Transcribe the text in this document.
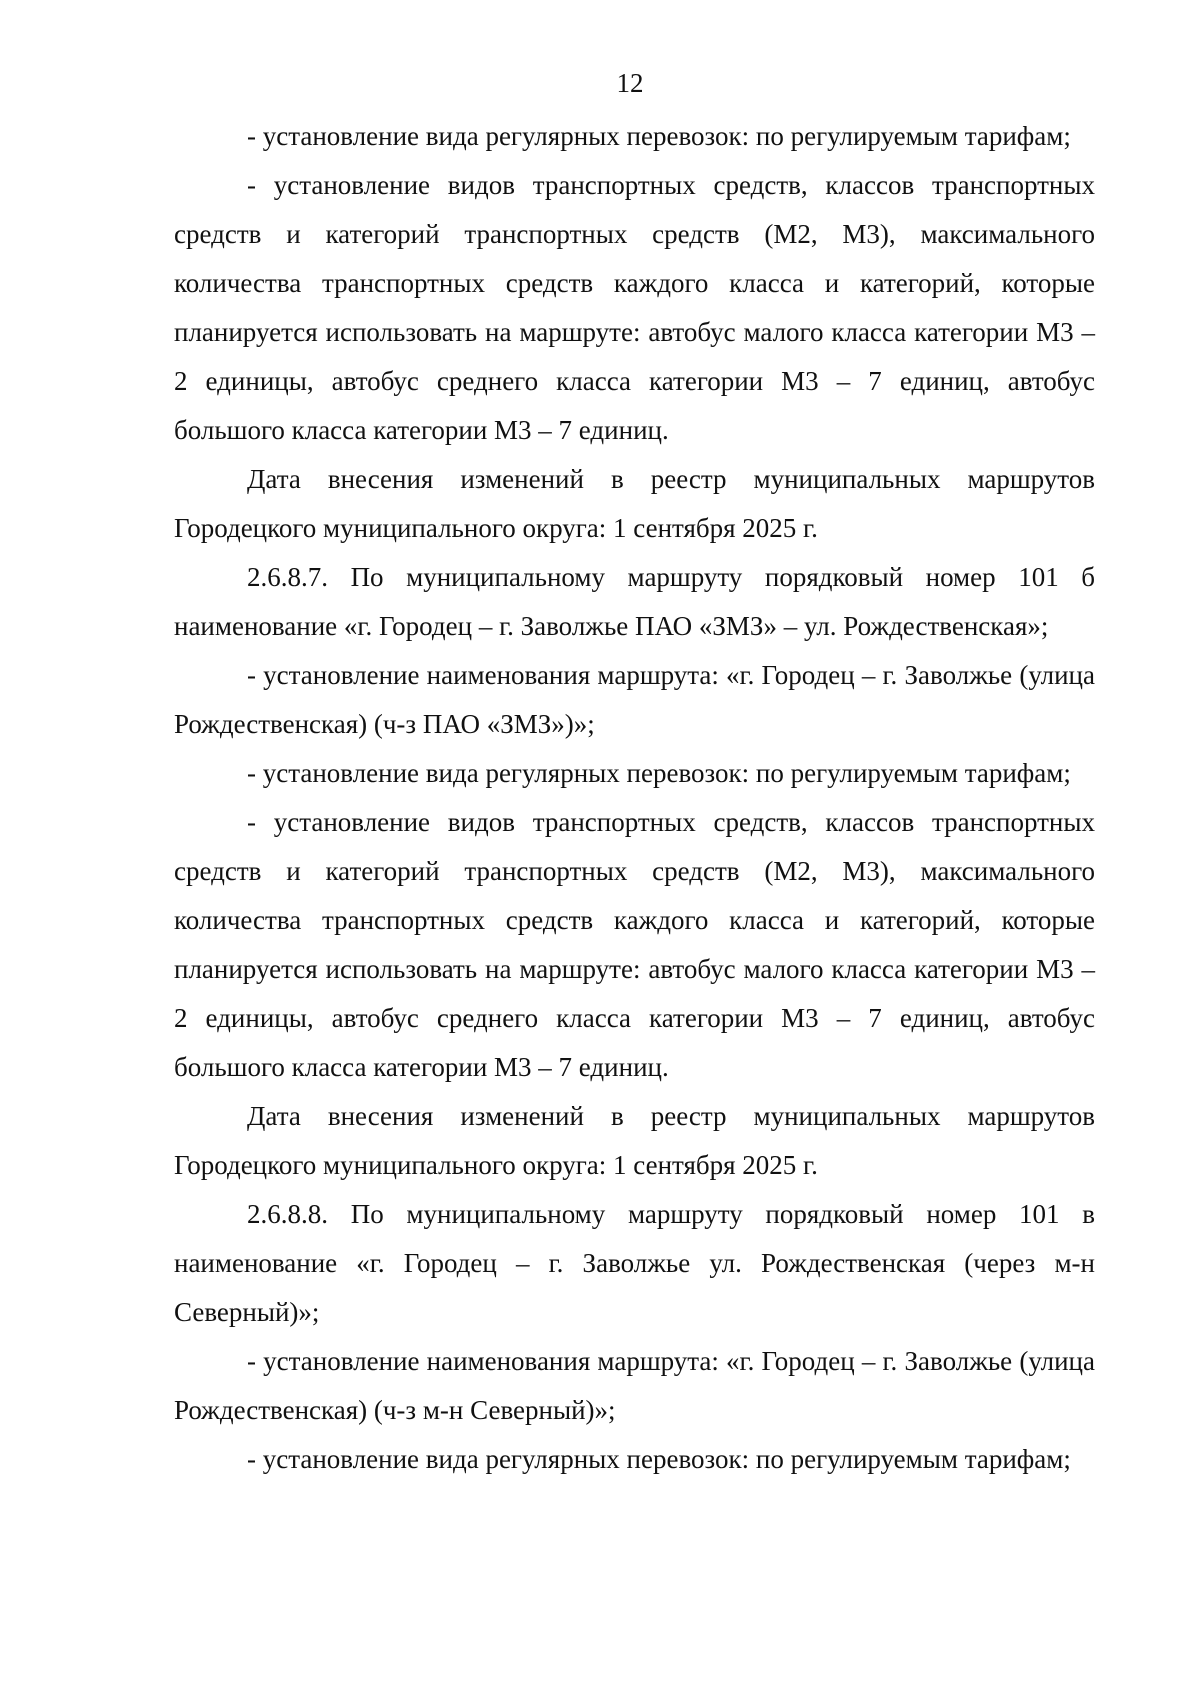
12

- установление вида регулярных перевозок: по регулируемым тарифам;

- установление видов транспортных средств, классов транспортных средств и категорий транспортных средств (М2, М3), максимального количества транспортных средств каждого класса и категорий, которые планируется использовать на маршруте: автобус малого класса категории М3 – 2 единицы, автобус среднего класса категории М3 – 7 единиц, автобус большого класса категории М3 – 7 единиц.

Дата внесения изменений в реестр муниципальных маршрутов Городецкого муниципального округа: 1 сентября 2025 г.

2.6.8.7. По муниципальному маршруту порядковый номер 101 б наименование «г. Городец – г. Заволжье ПАО «ЗМЗ» – ул. Рождественская»;

- установление наименования маршрута: «г. Городец – г. Заволжье (улица Рождественская) (ч-з ПАО «ЗМЗ»)»;

- установление вида регулярных перевозок: по регулируемым тарифам;

- установление видов транспортных средств, классов транспортных средств и категорий транспортных средств (М2, М3), максимального количества транспортных средств каждого класса и категорий, которые планируется использовать на маршруте: автобус малого класса категории М3 – 2 единицы, автобус среднего класса категории М3 – 7 единиц, автобус большого класса категории М3 – 7 единиц.

Дата внесения изменений в реестр муниципальных маршрутов Городецкого муниципального округа: 1 сентября 2025 г.

2.6.8.8. По муниципальному маршруту порядковый номер 101 в наименование «г. Городец – г. Заволжье ул. Рождественская (через м-н Северный)»;

- установление наименования маршрута: «г. Городец – г. Заволжье (улица Рождественская) (ч-з м-н Северный)»;

- установление вида регулярных перевозок: по регулируемым тарифам;
